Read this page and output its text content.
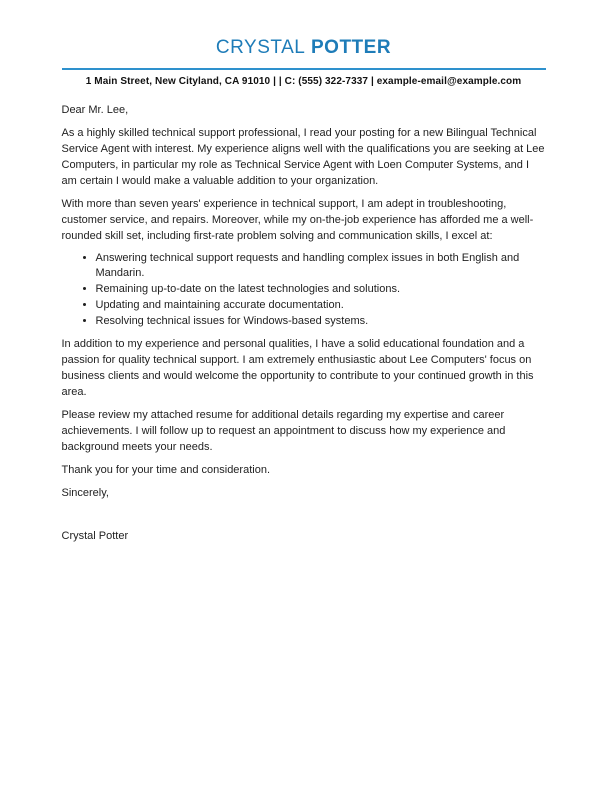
CRYSTAL POTTER
1 Main Street, New Cityland, CA 91010 | | C: (555) 322-7337 | example-email@example.com

Dear Mr. Lee,

As a highly skilled technical support professional, I read your posting for a new Bilingual Technical Service Agent with interest. My experience aligns well with the qualifications you are seeking at Lee Computers, in particular my role as Technical Service Agent with Loen Computer Systems, and I am certain I would make a valuable addition to your organization.

With more than seven years' experience in technical support, I am adept in troubleshooting, customer service, and repairs. Moreover, while my on-the-job experience has afforded me a well-rounded skill set, including first-rate problem solving and communication skills, I excel at:

• Answering technical support requests and handling complex issues in both English and Mandarin.
• Remaining up-to-date on the latest technologies and solutions.
• Updating and maintaining accurate documentation.
• Resolving technical issues for Windows-based systems.

In addition to my experience and personal qualities, I have a solid educational foundation and a passion for quality technical support. I am extremely enthusiastic about Lee Computers' focus on business clients and would welcome the opportunity to contribute to your continued growth in this area.

Please review my attached resume for additional details regarding my expertise and career achievements. I will follow up to request an appointment to discuss how my experience and background meets your needs.

Thank you for your time and consideration.

Sincerely,

Crystal Potter
